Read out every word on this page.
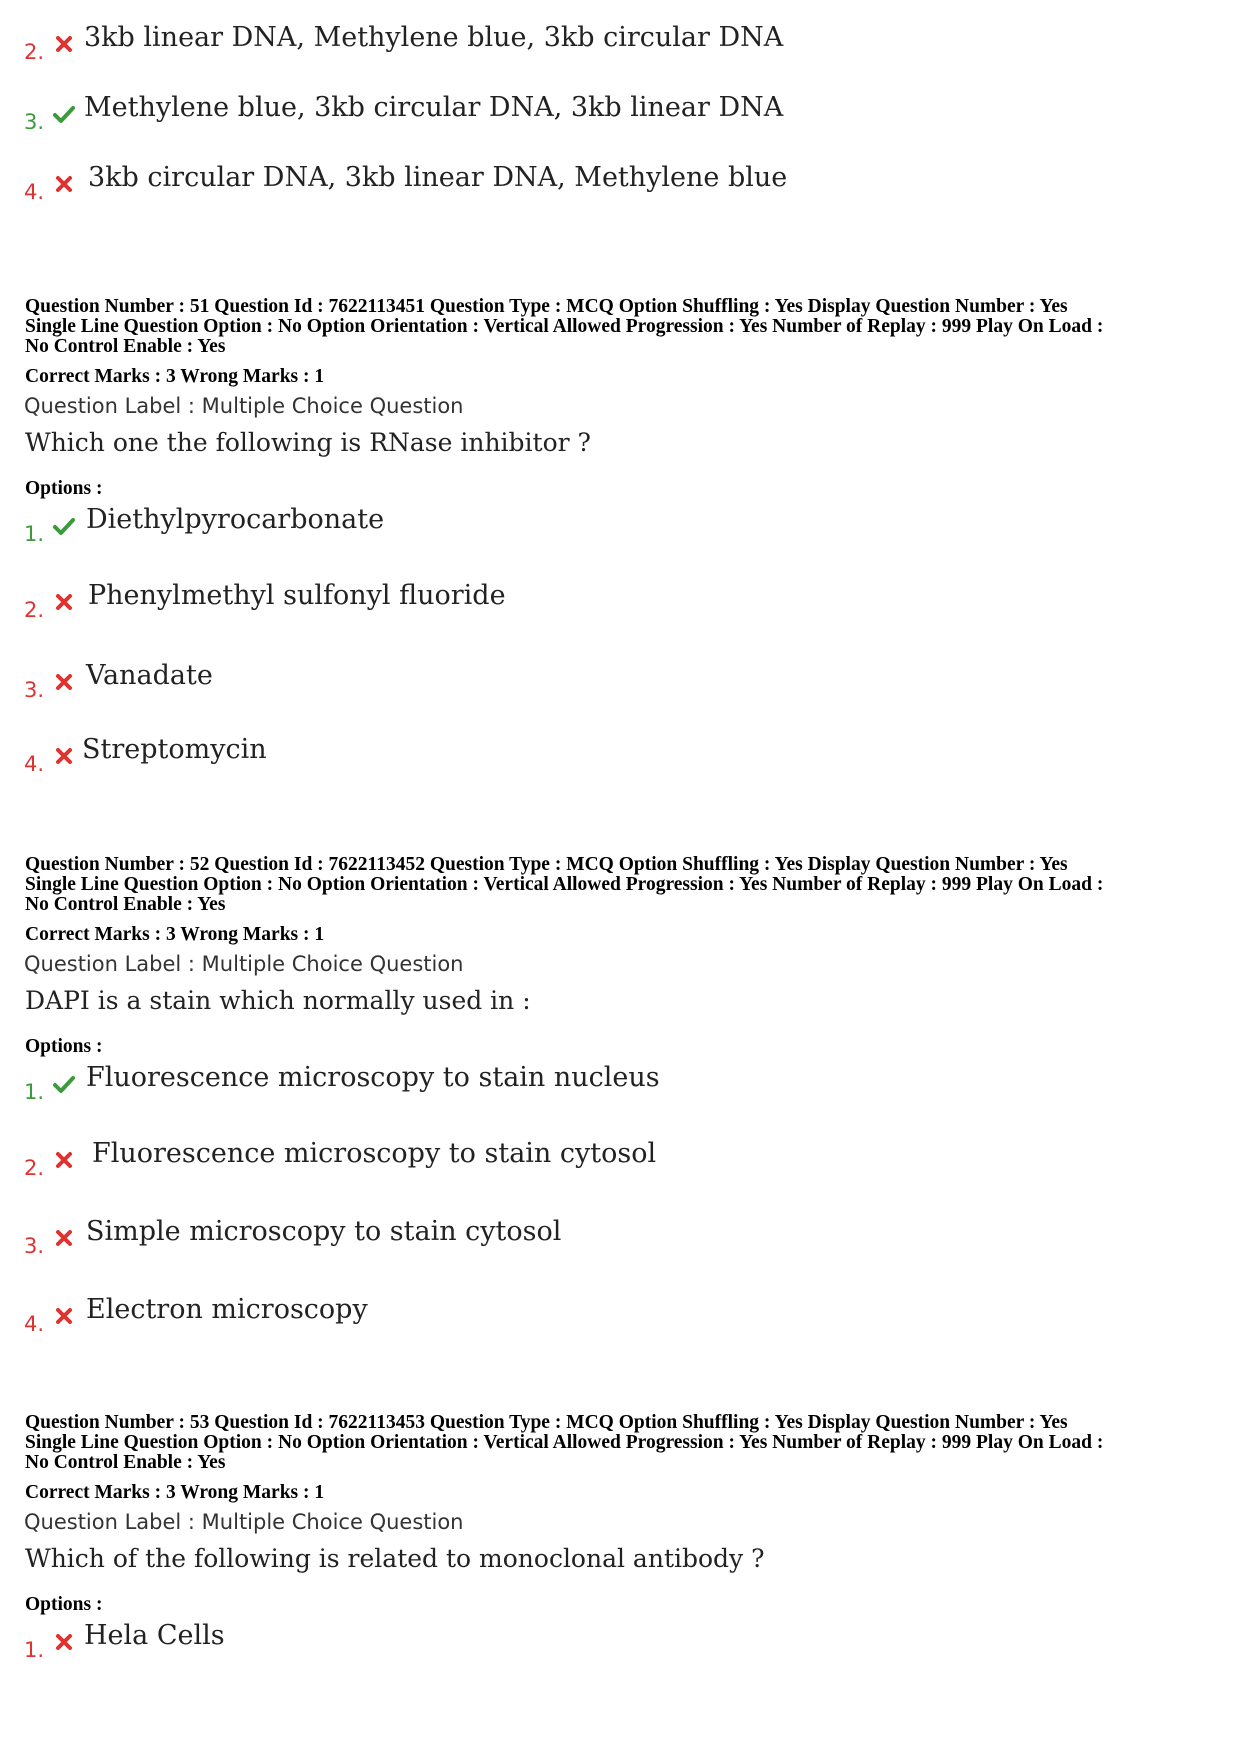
2. 3kb linear DNA, Methylene blue, 3kb circular DNA
3. Methylene blue, 3kb circular DNA, 3kb linear DNA
4. 3kb circular DNA, 3kb linear DNA, Methylene blue
Question Number : 51 Question Id : 7622113451 Question Type : MCQ Option Shuffling : Yes Display Question Number : Yes
Single Line Question Option : No Option Orientation : Vertical Allowed Progression : Yes Number of Replay : 999 Play On Load :
No Control Enable : Yes
Correct Marks : 3 Wrong Marks : 1
Question Label : Multiple Choice Question
Which one the following is RNase inhibitor ?
Options :
1. Diethylpyrocarbonate
2. Phenylmethyl sulfonyl fluoride
3. Vanadate
4. Streptomycin
Question Number : 52 Question Id : 7622113452 Question Type : MCQ Option Shuffling : Yes Display Question Number : Yes
Single Line Question Option : No Option Orientation : Vertical Allowed Progression : Yes Number of Replay : 999 Play On Load :
No Control Enable : Yes
Correct Marks : 3 Wrong Marks : 1
Question Label : Multiple Choice Question
DAPI is a stain which normally used in :
Options :
1. Fluorescence microscopy to stain nucleus
2. Fluorescence microscopy to stain cytosol
3. Simple microscopy to stain cytosol
4. Electron microscopy
Question Number : 53 Question Id : 7622113453 Question Type : MCQ Option Shuffling : Yes Display Question Number : Yes
Single Line Question Option : No Option Orientation : Vertical Allowed Progression : Yes Number of Replay : 999 Play On Load :
No Control Enable : Yes
Correct Marks : 3 Wrong Marks : 1
Question Label : Multiple Choice Question
Which of the following is related to monoclonal antibody ?
Options :
1. Hela Cells
